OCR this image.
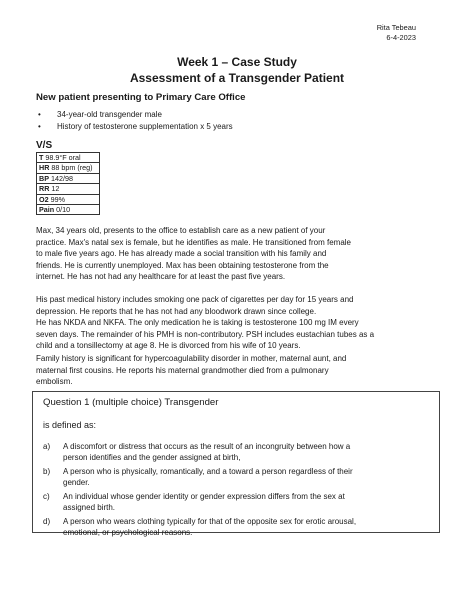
Rita Tebeau
6-4-2023
Week 1 – Case Study
Assessment of a Transgender Patient
New patient presenting to Primary Care Office
• 34-year-old transgender male
• History of testosterone supplementation x 5 years
V/S
T 98.9°F oral
HR 88 bpm (reg)
BP 142/98
RR 12
O2 99%
Pain 0/10
Max, 34 years old, presents to the office to establish care as a new patient of your
practice. Max's natal sex is female, but he identifies as male. He transitioned from female
to male five years ago. He has already made a social transition with his family and
friends. He is currently unemployed. Max has been obtaining testosterone from the
internet. He has not had any healthcare for at least the past five years.
His past medical history includes smoking one pack of cigarettes per day for 15 years and
depression. He reports that he has not had any bloodwork drawn since college.
He has NKDA and NKFA. The only medication he is taking is testosterone 100 mg IM every
seven days. The remainder of his PMH is non-contributory. PSH includes eustachian tubes as a
child and a tonsillectomy at age 8. He is divorced from his wife of 10 years.
Family history is significant for hypercoagulability disorder in mother, maternal aunt, and
maternal first cousins. He reports his maternal grandmother died from a pulmonary
embolism.
Question 1 (multiple choice) Transgender
is defined as:
a) A discomfort or distress that occurs as the result of an incongruity between how a
person identifies and the gender assigned at birth,
b) A person who is physically, romantically, and a toward a person regardless of their
gender.
c) An individual whose gender identity or gender expression differs from the sex at
assigned birth.
d) A person who wears clothing typically for that of the opposite sex for erotic arousal,
emotional, or psychological reasons.
